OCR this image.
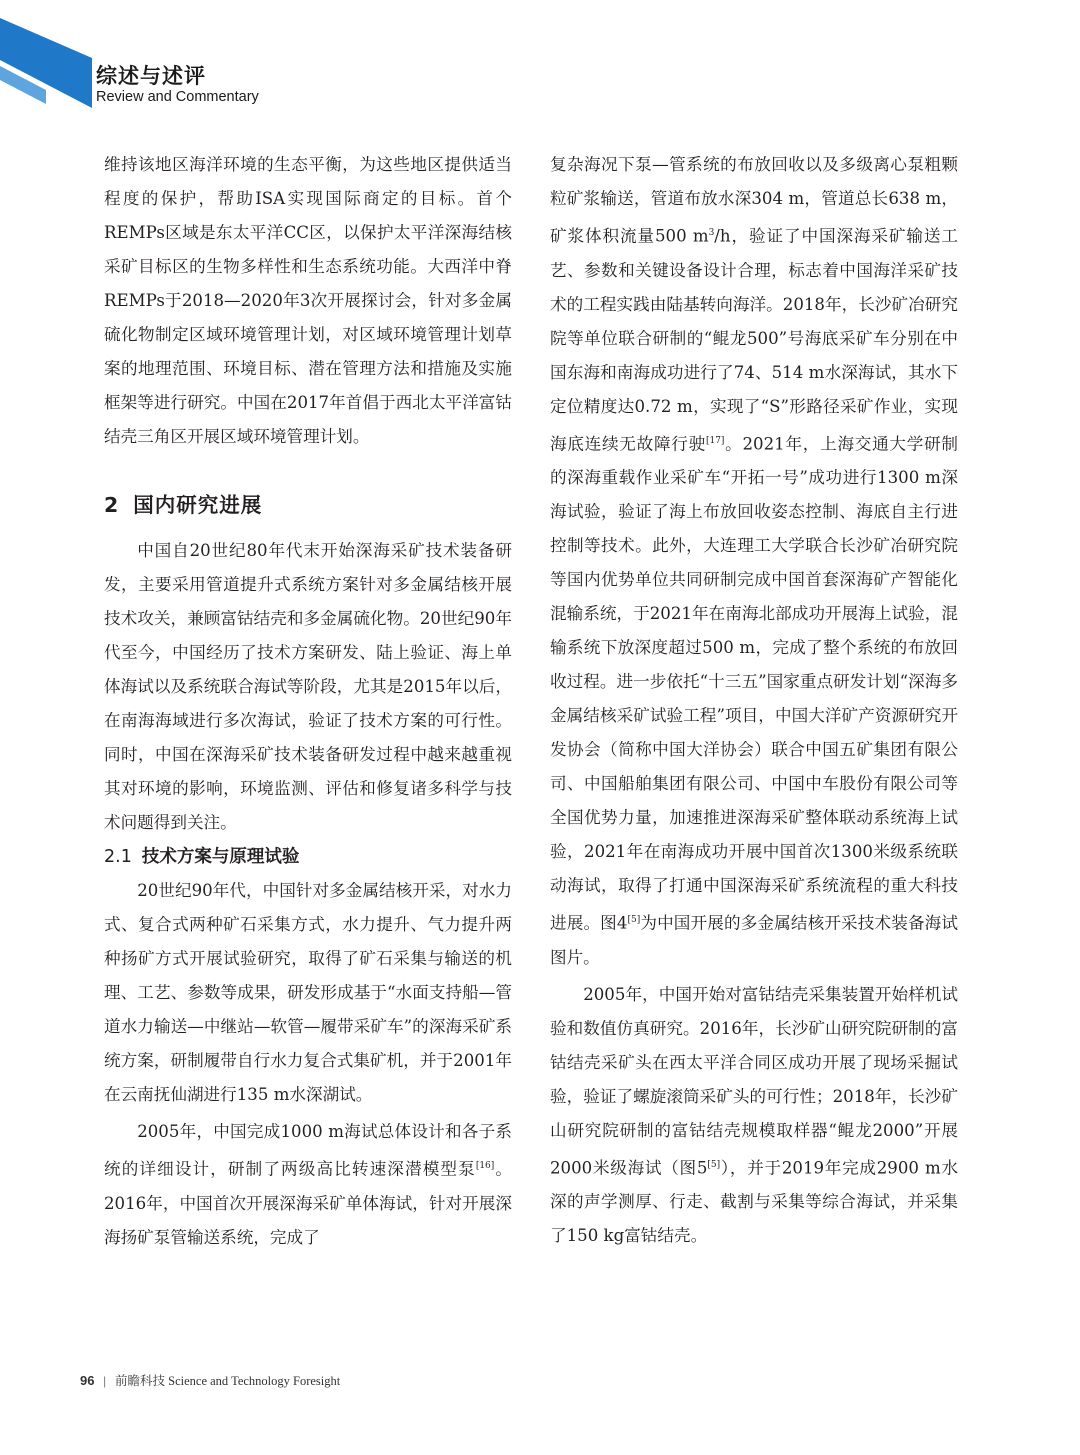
综述与述评
Review and Commentary

维持该地区海洋环境的生态平衡，为这些地区提供适当程度的保护，帮助ISA实现国际商定的目标。首个REMPs区域是东太平洋CC区，以保护太平洋深海结核采矿目标区的生物多样性和生态系统功能。大西洋中脊REMPs于2018—2020年3次开展探讨会，针对多金属硫化物制定区域环境管理计划，对区域环境管理计划草案的地理范围、环境目标、潜在管理方法和措施及实施框架等进行研究。中国在2017年首倡于西北太平洋富钴结壳三角区开展区域环境管理计划。

2 国内研究进展

中国自20世纪80年代末开始深海采矿技术装备研发，主要采用管道提升式系统方案针对多金属结核开展技术攻关，兼顾富钴结壳和多金属硫化物。20世纪90年代至今，中国经历了技术方案研发、陆上验证、海上单体海试以及系统联合海试等阶段，尤其是2015年以后，在南海海域进行多次海试，验证了技术方案的可行性。同时，中国在深海采矿技术装备研发过程中越来越重视其对环境的影响，环境监测、评估和修复诸多科学与技术问题得到关注。

2.1 技术方案与原理试验

20世纪90年代，中国针对多金属结核开采，对水力式、复合式两种矿石采集方式，水力提升、气力提升两种扬矿方式开展试验研究，取得了矿石采集与输送的机理、工艺、参数等成果，研发形成基于“水面支持船—管道水力输送—中继站—软管—履带采矿车”的深海采矿系统方案，研制履带自行水力复合式集矿机，并于2001年在云南抚仙湖进行135 m水深湖试。

2005年，中国完成1000 m海试总体设计和各子系统的详细设计，研制了两级高比转速深潜模型泵[16]。2016年，中国首次开展深海采矿单体海试，针对开展深海扬矿泵管输送系统，完成了

复杂海况下泵—管系统的布放回收以及多级离心泵粗颗粒矿浆输送，管道布放水深304 m，管道总长638 m，矿浆体积流量500 $m^3/h$，验证了中国深海采矿输送工艺、参数和关键设备设计合理，标志着中国海洋采矿技术的工程实践由陆基转向海洋。2018年，长沙矿冶研究院等单位联合研制的“鲲龙500”号海底采矿车分别在中国东海和南海成功进行了74、514 m水深海试，其水下定位精度达0.72 m，实现了“S”形路径采矿作业，实现海底连续无故障行驶[17]。2021年，上海交通大学研制的深海重载作业采矿车“开拓一号”成功进行1300 m深海试验，验证了海上布放回收姿态控制、海底自主行进控制等技术。此外，大连理工大学联合长沙矿冶研究院等国内优势单位共同研制完成中国首套深海矿产智能化混输系统，于2021年在南海北部成功开展海上试验，混输系统下放深度超过500 m，完成了整个系统的布放回收过程。进一步依托“十三五”国家重点研发计划“深海多金属结核采矿试验工程”项目，中国大洋矿产资源研究开发协会（简称中国大洋协会）联合中国五矿集团有限公司、中国船舶集团有限公司、中国中车股份有限公司等全国优势力量，加速推进深海采矿整体联动系统海上试验，2021年在南海成功开展中国首次1300米级系统联动海试，取得了打通中国深海采矿系统流程的重大科技进展。图4[5]为中国开展的多金属结核开采技术装备海试图片。

2005年，中国开始对富钴结壳采集装置开始样机试验和数值仿真研究。2016年，长沙矿山研究院研制的富钴结壳采矿头在西太平洋合同区成功开展了现场采掘试验，验证了螺旋滚筒采矿头的可行性；2018年，长沙矿山研究院研制的富钴结壳规模取样器“鲲龙2000”开展2000米级海试（图5[5]），并于2019年完成2900 m水深的声学测厚、行走、截割与采集等综合海试，并采集了150 kg富钴结壳。

96 | 前瞻科技 Science and Technology Foresight
